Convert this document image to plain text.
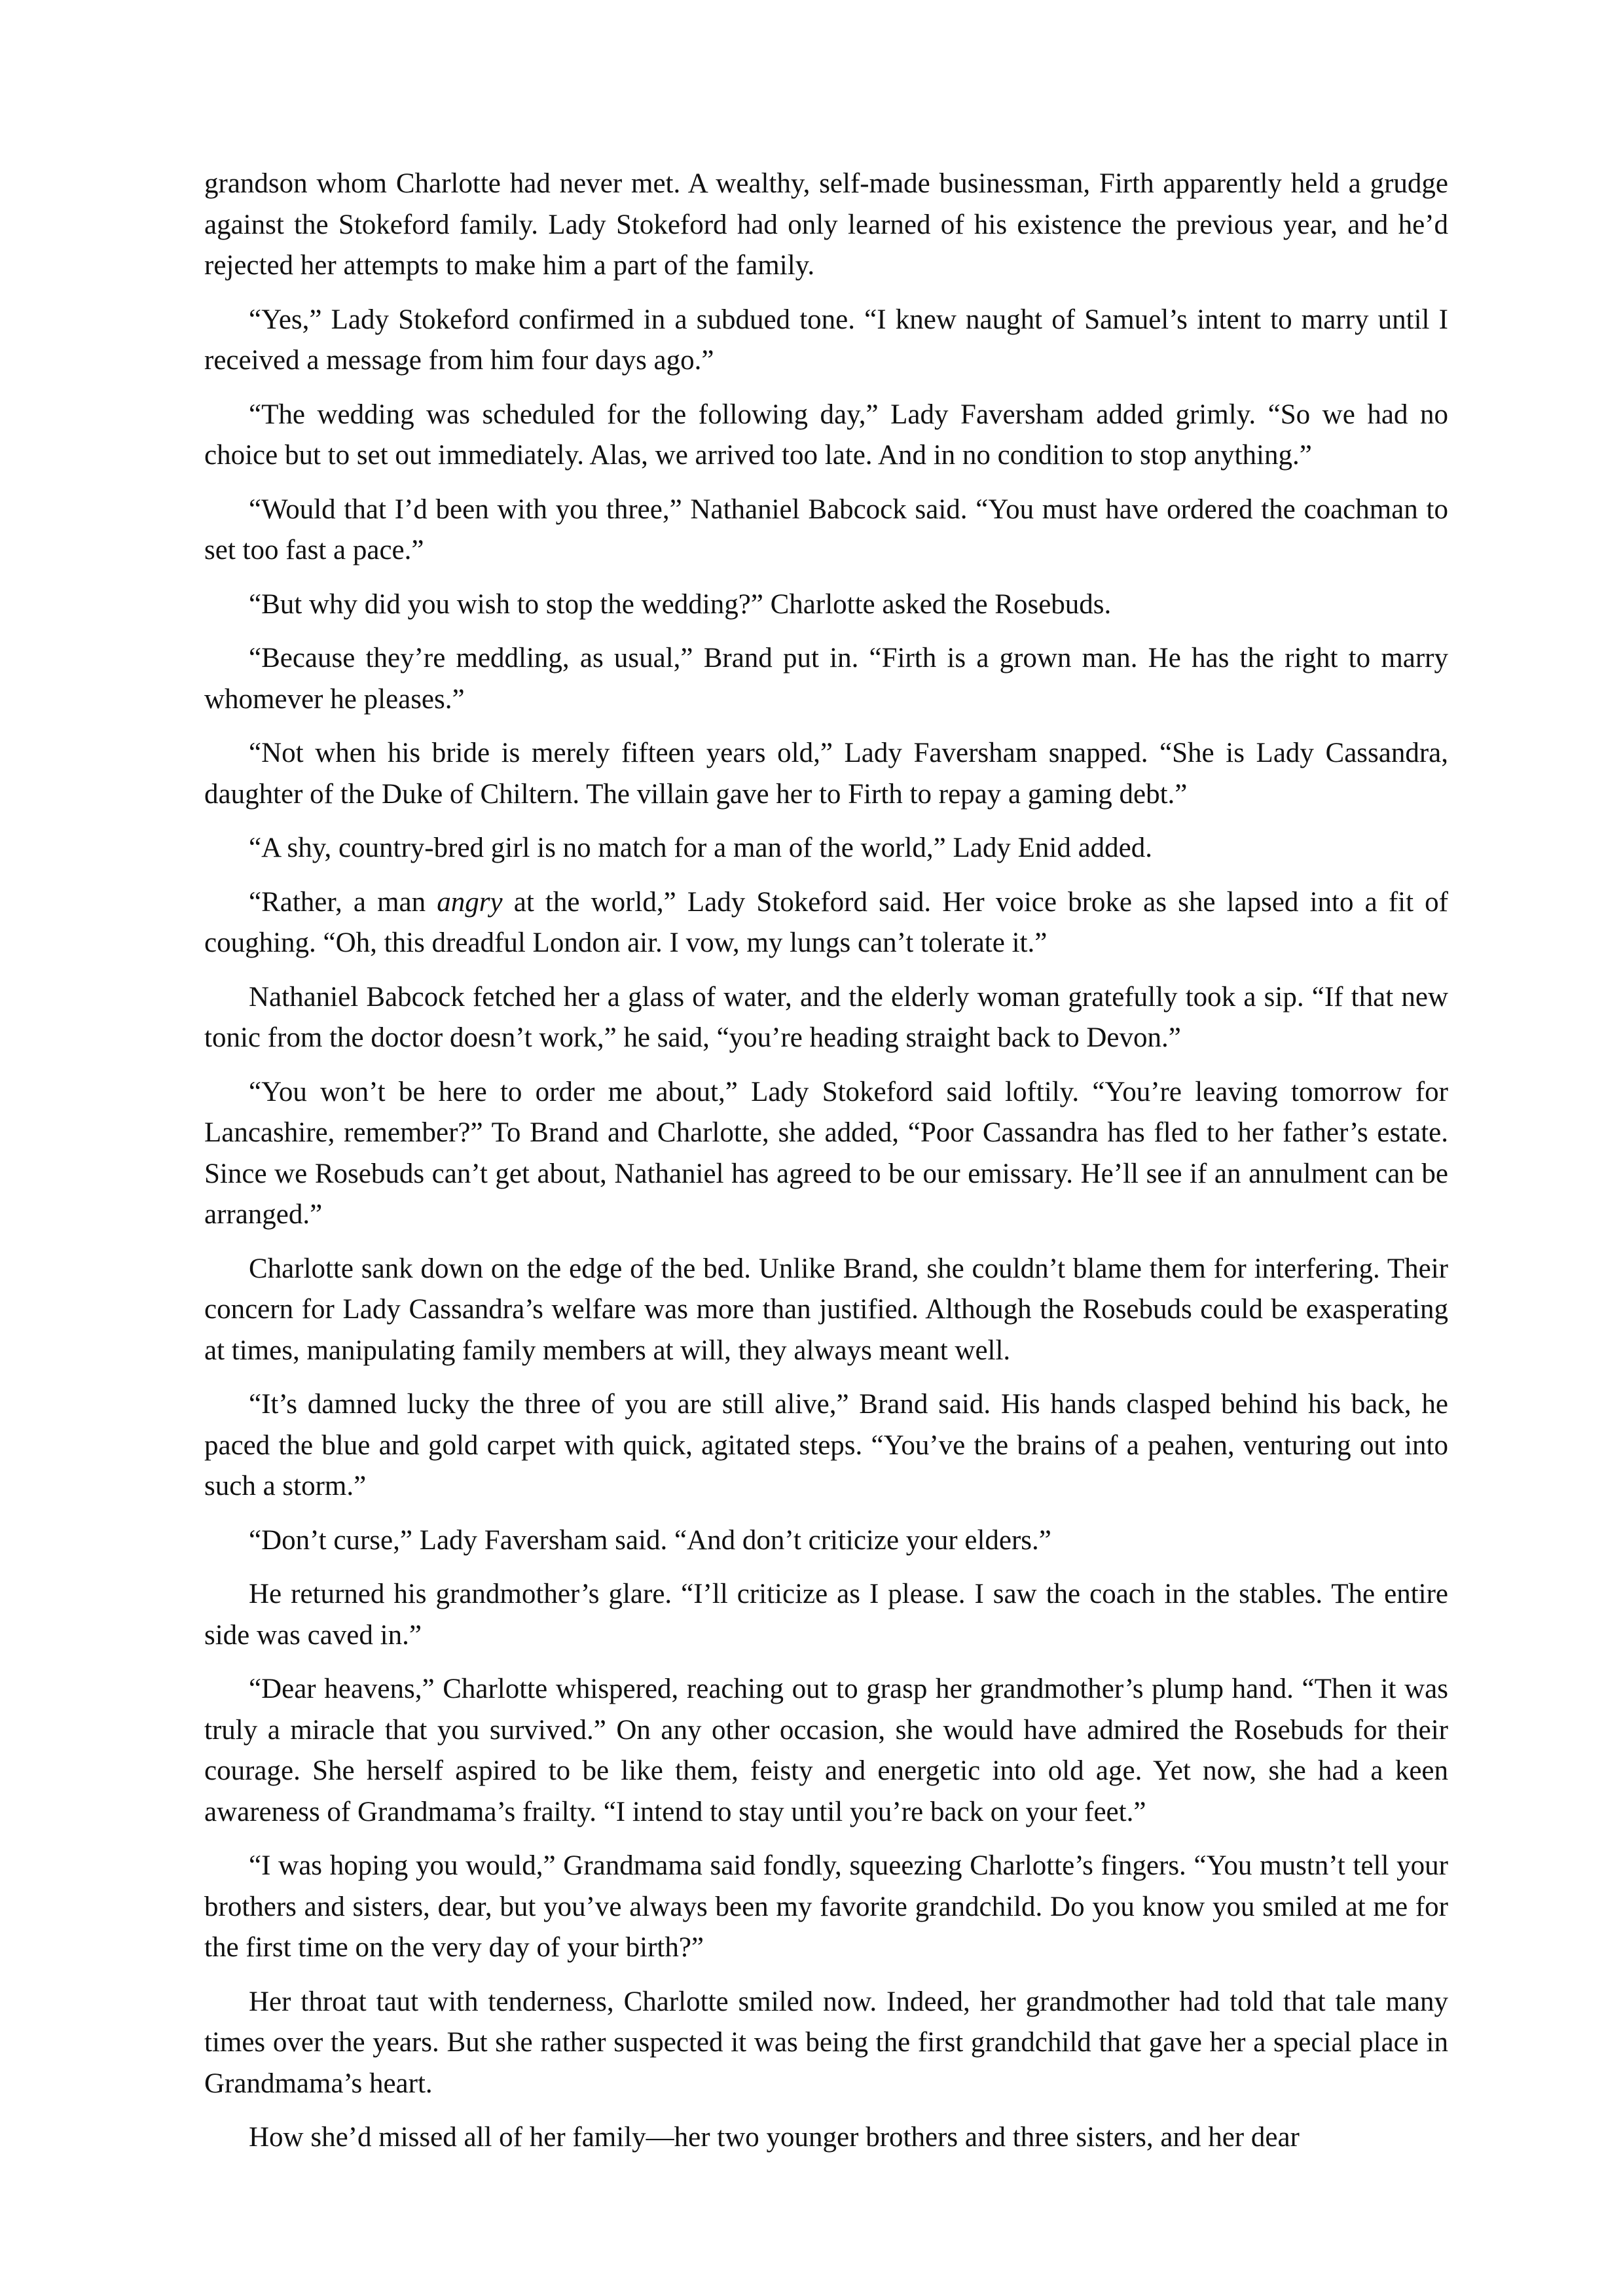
grandson whom Charlotte had never met. A wealthy, self-made businessman, Firth apparently held a grudge against the Stokeford family. Lady Stokeford had only learned of his existence the previous year, and he’d rejected her attempts to make him a part of the family.

“Yes,” Lady Stokeford confirmed in a subdued tone. “I knew naught of Samuel’s intent to marry until I received a message from him four days ago.”

“The wedding was scheduled for the following day,” Lady Faversham added grimly. “So we had no choice but to set out immediately. Alas, we arrived too late. And in no condition to stop anything.”

“Would that I’d been with you three,” Nathaniel Babcock said. “You must have ordered the coachman to set too fast a pace.”

“But why did you wish to stop the wedding?” Charlotte asked the Rosebuds.

“Because they’re meddling, as usual,” Brand put in. “Firth is a grown man. He has the right to marry whomever he pleases.”

“Not when his bride is merely fifteen years old,” Lady Faversham snapped. “She is Lady Cassandra, daughter of the Duke of Chiltern. The villain gave her to Firth to repay a gaming debt.”

“A shy, country-bred girl is no match for a man of the world,” Lady Enid added.

“Rather, a man angry at the world,” Lady Stokeford said. Her voice broke as she lapsed into a fit of coughing. “Oh, this dreadful London air. I vow, my lungs can’t tolerate it.”

Nathaniel Babcock fetched her a glass of water, and the elderly woman gratefully took a sip. “If that new tonic from the doctor doesn’t work,” he said, “you’re heading straight back to Devon.”

“You won’t be here to order me about,” Lady Stokeford said loftily. “You’re leaving tomorrow for Lancashire, remember?” To Brand and Charlotte, she added, “Poor Cassandra has fled to her father’s estate. Since we Rosebuds can’t get about, Nathaniel has agreed to be our emissary. He’ll see if an annulment can be arranged.”

Charlotte sank down on the edge of the bed. Unlike Brand, she couldn’t blame them for interfering. Their concern for Lady Cassandra’s welfare was more than justified. Although the Rosebuds could be exasperating at times, manipulating family members at will, they always meant well.

“It’s damned lucky the three of you are still alive,” Brand said. His hands clasped behind his back, he paced the blue and gold carpet with quick, agitated steps. “You’ve the brains of a peahen, venturing out into such a storm.”

“Don’t curse,” Lady Faversham said. “And don’t criticize your elders.”

He returned his grandmother’s glare. “I’ll criticize as I please. I saw the coach in the stables. The entire side was caved in.”

“Dear heavens,” Charlotte whispered, reaching out to grasp her grandmother’s plump hand. “Then it was truly a miracle that you survived.” On any other occasion, she would have admired the Rosebuds for their courage. She herself aspired to be like them, feisty and energetic into old age. Yet now, she had a keen awareness of Grandmama’s frailty. “I intend to stay until you’re back on your feet.”

“I was hoping you would,” Grandmama said fondly, squeezing Charlotte’s fingers. “You mustn’t tell your brothers and sisters, dear, but you’ve always been my favorite grandchild. Do you know you smiled at me for the first time on the very day of your birth?”

Her throat taut with tenderness, Charlotte smiled now. Indeed, her grandmother had told that tale many times over the years. But she rather suspected it was being the first grandchild that gave her a special place in Grandmama’s heart.

How she’d missed all of her family—her two younger brothers and three sisters, and her dear
